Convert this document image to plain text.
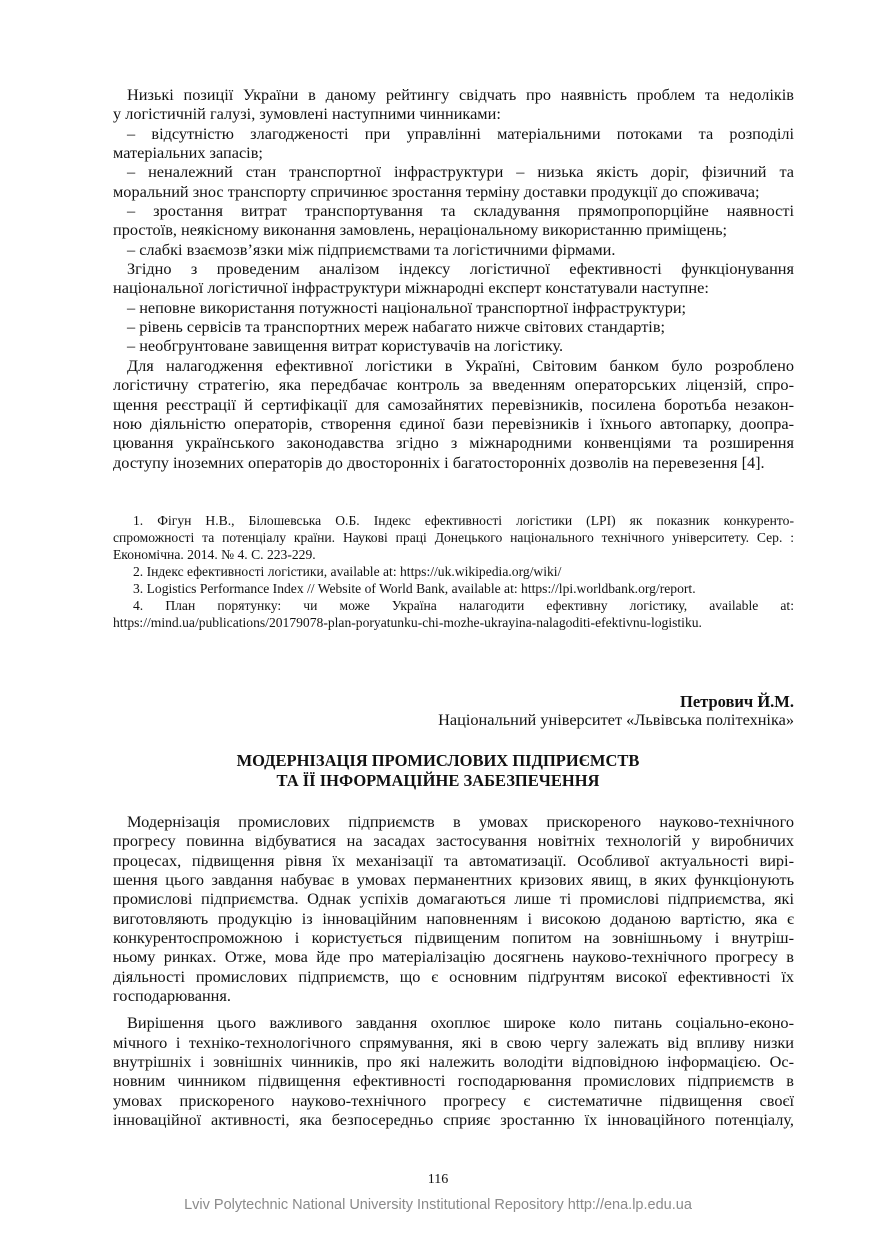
Низькі позиції України в даному рейтингу свідчать про наявність проблем та недоліків
у логістичній галузі, зумовлені наступними чинниками:
– відсутністю злагодженості при управлінні матеріальними потоками та розподілі
матеріальних запасів;
– неналежний стан транспортної інфраструктури – низька якість доріг, фізичний та
моральний знос транспорту спричинює зростання терміну доставки продукції до споживача;
– зростання витрат транспортування та складування прямопропорційне наявності
простоїв, неякісному виконання замовлень, нераціональному використанню приміщень;
– слабкі взаємозв’язки між підприємствами та логістичними фірмами.
Згідно з проведеним аналізом індексу логістичної ефективності функціонування
національної логістичної інфраструктури міжнародні експерт констатували наступне:
– неповне використання потужності національної транспортної інфраструктури;
– рівень сервісів та транспортних мереж набагато нижче світових стандартів;
– необгрунтоване завищення витрат користувачів на логістику.
Для налагодження ефективної логістики в Україні, Світовим банком було розроблено
логістичну стратегію, яка передбачає контроль за введенням операторських ліцензій, спро-
щення реєстрації й сертифікації для самозайнятих перевізників, посилена боротьба незакон-
ною діяльністю операторів, створення єдиної бази перевізників і їхнього автопарку, доопра-
цювання українського законодавства згідно з міжнародними конвенціями та розширення
доступу іноземних операторів до двосторонніх і багатосторонніх дозволів на перевезення [4].
1. Фігун Н.В., Білошевська О.Б. Індекс ефективності логістики (LPI) як показник конкуренто-
спроможності та потенціалу країни. Наукові праці Донецького національного технічного університету. Сер. :
Економічна. 2014. № 4. С. 223-229.
2. Індекс ефективності логістики, available at: https://uk.wikipedia.org/wiki/
3. Logistics Performance Index // Website of World Bank, available at: https://lpi.worldbank.org/report.
4. План порятунку: чи може Україна налагодити ефективну логістику, available at:
https://mind.ua/publications/20179078-plan-poryatunku-chi-mozhe-ukrayina-nalagoditi-efektivnu-logistiku.
Петрович Й.М.
Національний університет «Львівська політехніка»
МОДЕРНІЗАЦІЯ ПРОМИСЛОВИХ ПІДПРИЄМСТВ
ТА ЇЇ ІНФОРМАЦІЙНЕ ЗАБЕЗПЕЧЕННЯ
Модернізація промислових підприємств в умовах прискореного науково-технічного
прогресу повинна відбуватися на засадах застосування новітніх технологій у виробничих
процесах, підвищення рівня їх механізації та автоматизації. Особливої актуальності вирі-
шення цього завдання набуває в умовах перманентних кризових явищ, в яких функціонують
промислові підприємства. Однак успіхів домагаються лише ті промислові підприємства, які
виготовляють продукцію із інноваційним наповненням і високою доданою вартістю, яка є
конкурентоспроможною і користується підвищеним попитом на зовнішньому і внутріш-
ньому ринках. Отже, мова йде про матеріалізацію досягнень науково-технічного прогресу в
діяльності промислових підприємств, що є основним підґрунтям високої ефективності їх
господарювання.
Вирішення цього важливого завдання охоплює широке коло питань соціально-еконо-
мічного і техніко-технологічного спрямування, які в свою чергу залежать від впливу низки
внутрішніх і зовнішніх чинників, про які належить володіти відповідною інформацією. Ос-
новним чинником підвищення ефективності господарювання промислових підприємств в
умовах прискореного науково-технічного прогресу є систематичне підвищення своєї
інноваційної активності, яка безпосередньо сприяє зростанню їх інноваційного потенціалу,
116
Lviv Polytechnic National University Institutional Repository http://ena.lp.edu.ua
